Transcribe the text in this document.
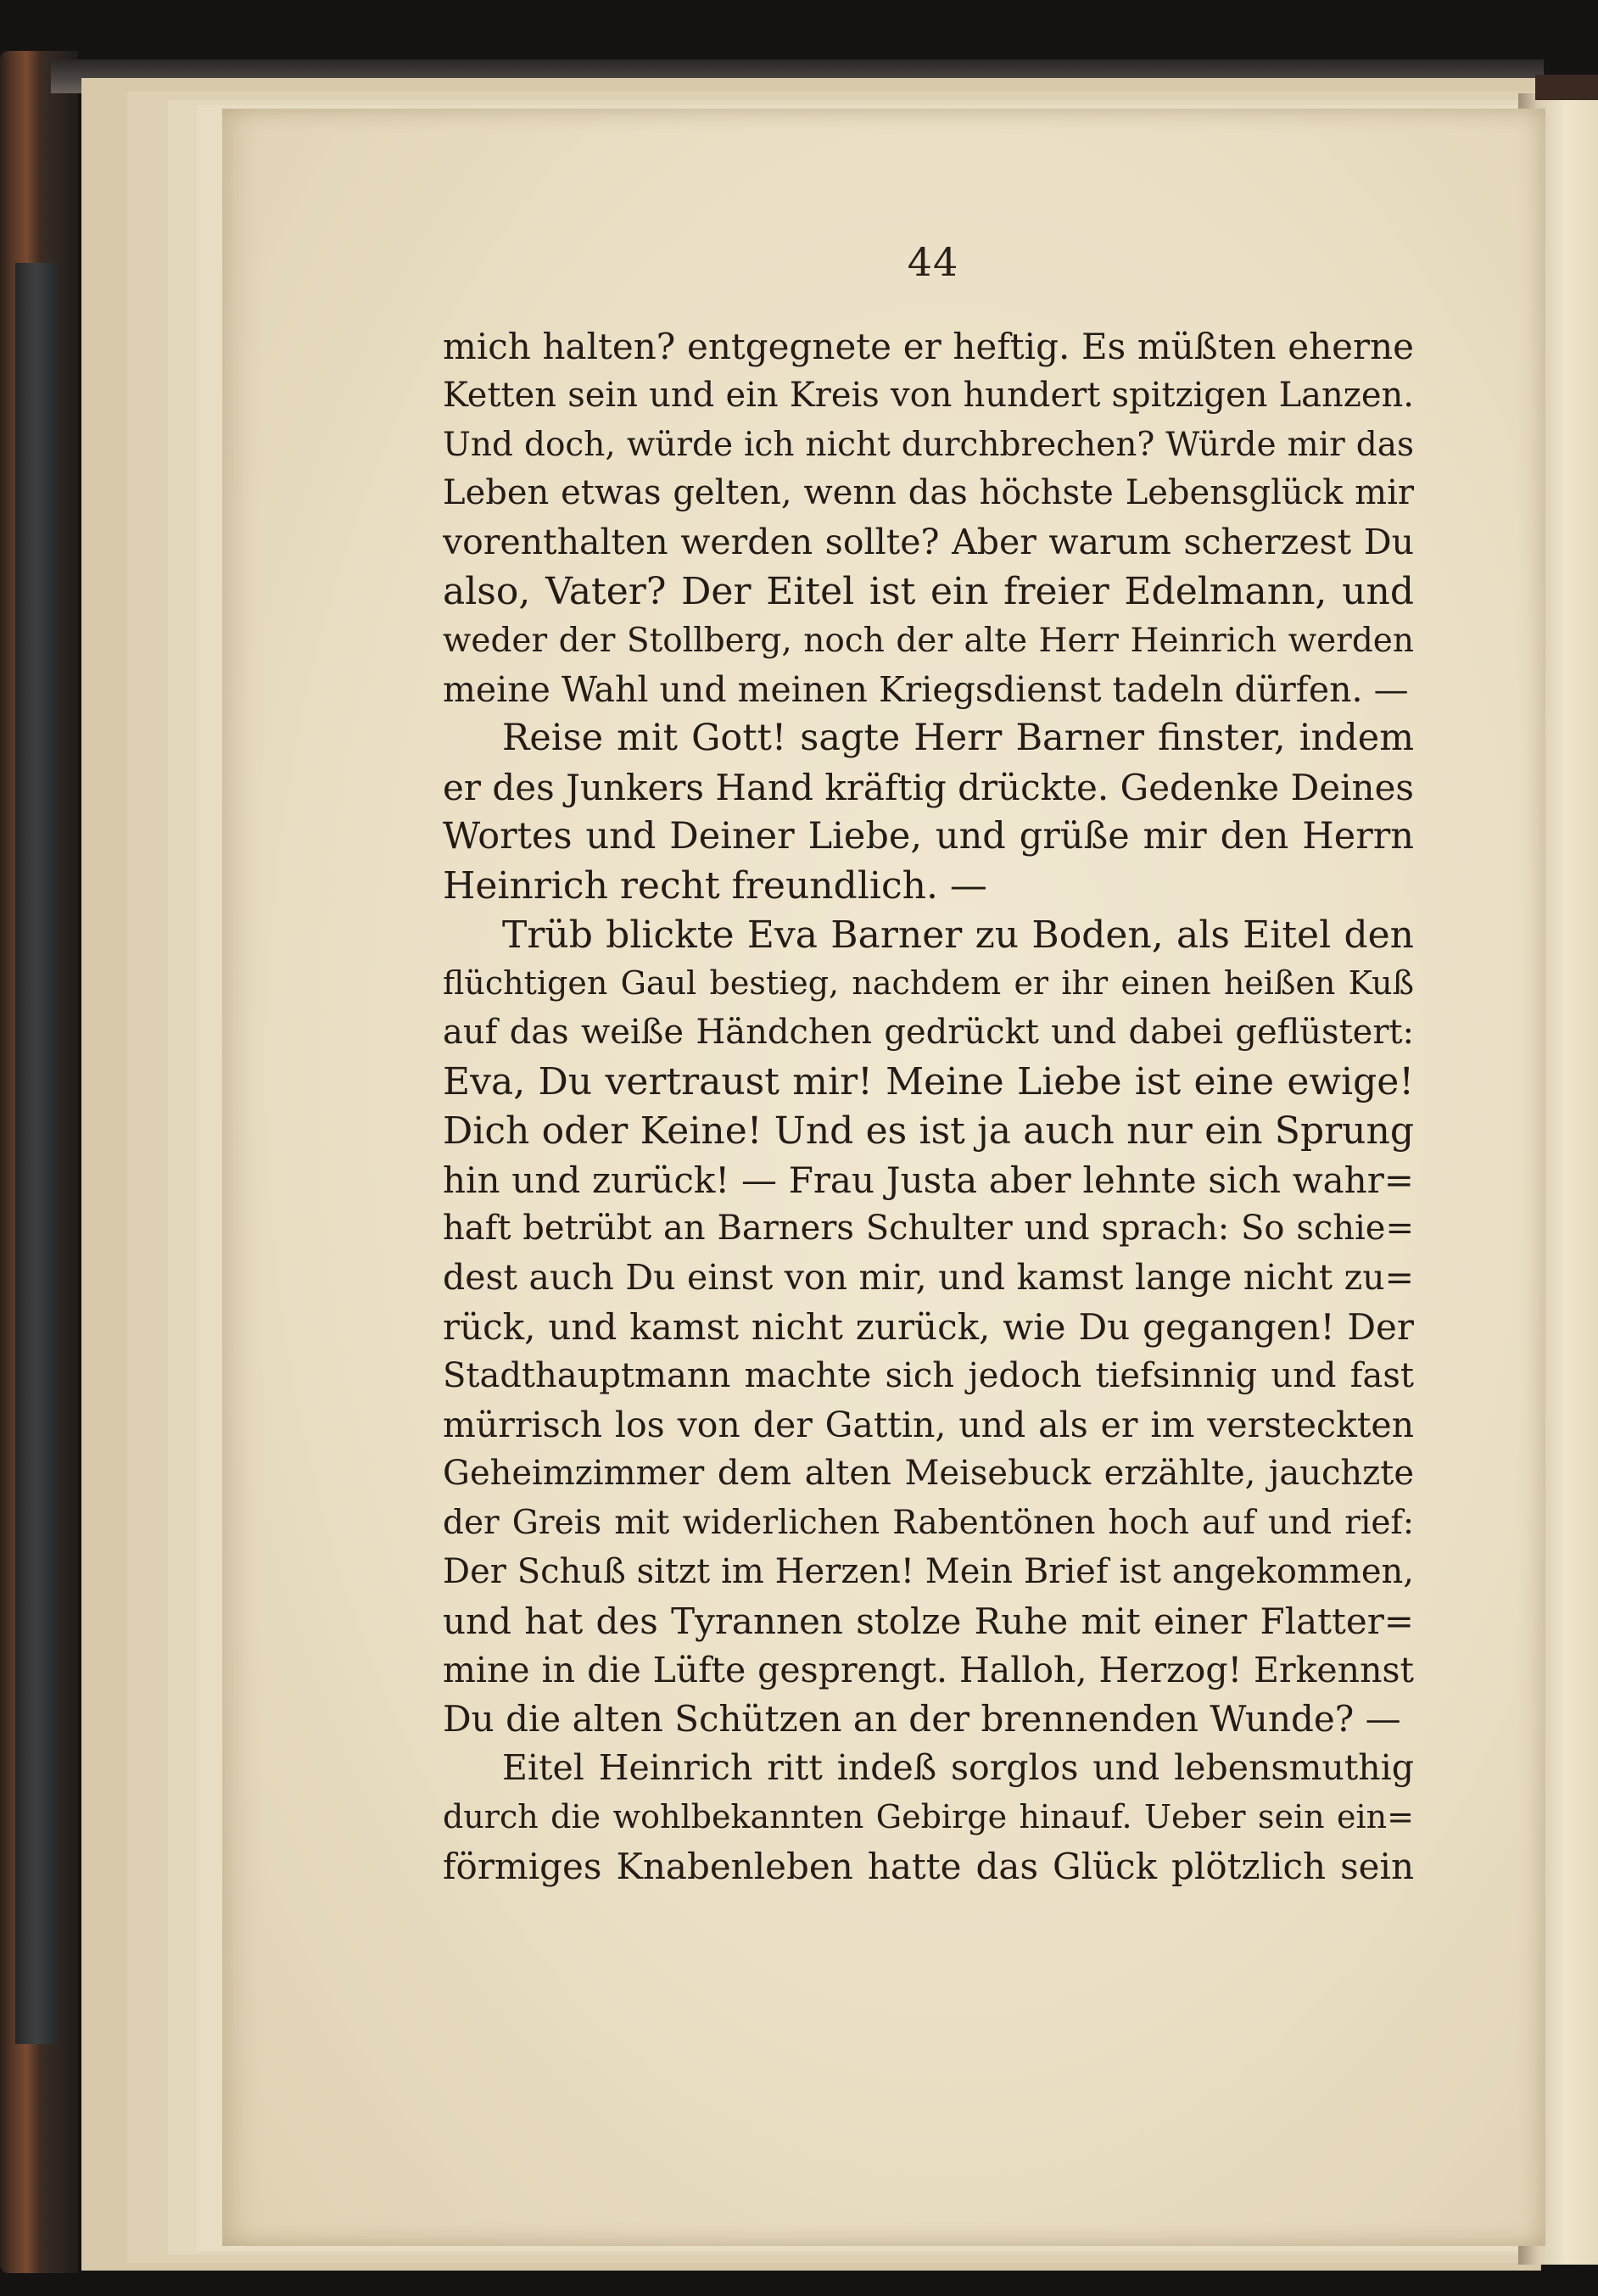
44
mich halten? entgegnete er heftig. Es müßten eherne
Ketten sein und ein Kreis von hundert spitzigen Lanzen.
Und doch, würde ich nicht durchbrechen? Würde mir das
Leben etwas gelten, wenn das höchste Lebensglück mir
vorenthalten werden sollte? Aber warum scherzest Du
also, Vater? Der Eitel ist ein freier Edelmann, und
weder der Stollberg, noch der alte Herr Heinrich werden
meine Wahl und meinen Kriegsdienst tadeln dürfen. —
Reise mit Gott! sagte Herr Barner finster, indem
er des Junkers Hand kräftig drückte. Gedenke Deines
Wortes und Deiner Liebe, und grüße mir den Herrn
Heinrich recht freundlich. —
Trüb blickte Eva Barner zu Boden, als Eitel den
flüchtigen Gaul bestieg, nachdem er ihr einen heißen Kuß
auf das weiße Händchen gedrückt und dabei geflüstert:
Eva, Du vertraust mir! Meine Liebe ist eine ewige!
Dich oder Keine! Und es ist ja auch nur ein Sprung
hin und zurück! — Frau Justa aber lehnte sich wahr=
haft betrübt an Barners Schulter und sprach: So schie=
dest auch Du einst von mir, und kamst lange nicht zu=
rück, und kamst nicht zurück, wie Du gegangen! Der
Stadthauptmann machte sich jedoch tiefsinnig und fast
mürrisch los von der Gattin, und als er im versteckten
Geheimzimmer dem alten Meisebuck erzählte, jauchzte
der Greis mit widerlichen Rabentönen hoch auf und rief:
Der Schuß sitzt im Herzen! Mein Brief ist angekommen,
und hat des Tyrannen stolze Ruhe mit einer Flatter=
mine in die Lüfte gesprengt. Halloh, Herzog! Erkennst
Du die alten Schützen an der brennenden Wunde? —
Eitel Heinrich ritt indeß sorglos und lebensmuthig
durch die wohlbekannten Gebirge hinauf. Ueber sein ein=
förmiges Knabenleben hatte das Glück plötzlich sein
